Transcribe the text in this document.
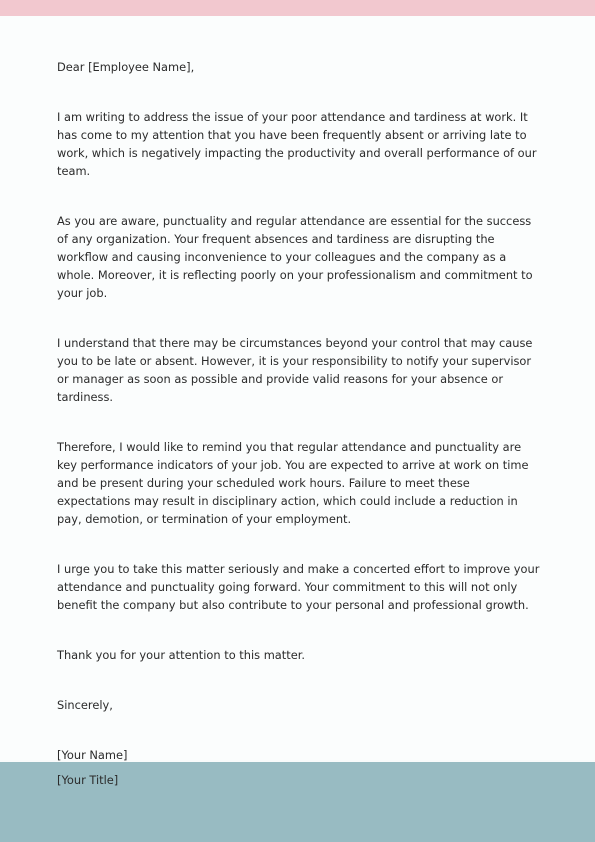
Dear [Employee Name],

I am writing to address the issue of your poor attendance and tardiness at work. It has come to my attention that you have been frequently absent or arriving late to work, which is negatively impacting the productivity and overall performance of our team.

As you are aware, punctuality and regular attendance are essential for the success of any organization. Your frequent absences and tardiness are disrupting the workflow and causing inconvenience to your colleagues and the company as a whole. Moreover, it is reflecting poorly on your professionalism and commitment to your job.

I understand that there may be circumstances beyond your control that may cause you to be late or absent. However, it is your responsibility to notify your supervisor or manager as soon as possible and provide valid reasons for your absence or tardiness.

Therefore, I would like to remind you that regular attendance and punctuality are key performance indicators of your job. You are expected to arrive at work on time and be present during your scheduled work hours. Failure to meet these expectations may result in disciplinary action, which could include a reduction in pay, demotion, or termination of your employment.

I urge you to take this matter seriously and make a concerted effort to improve your attendance and punctuality going forward. Your commitment to this will not only benefit the company but also contribute to your personal and professional growth.

Thank you for your attention to this matter.

Sincerely,

[Your Name]

[Your Title]
